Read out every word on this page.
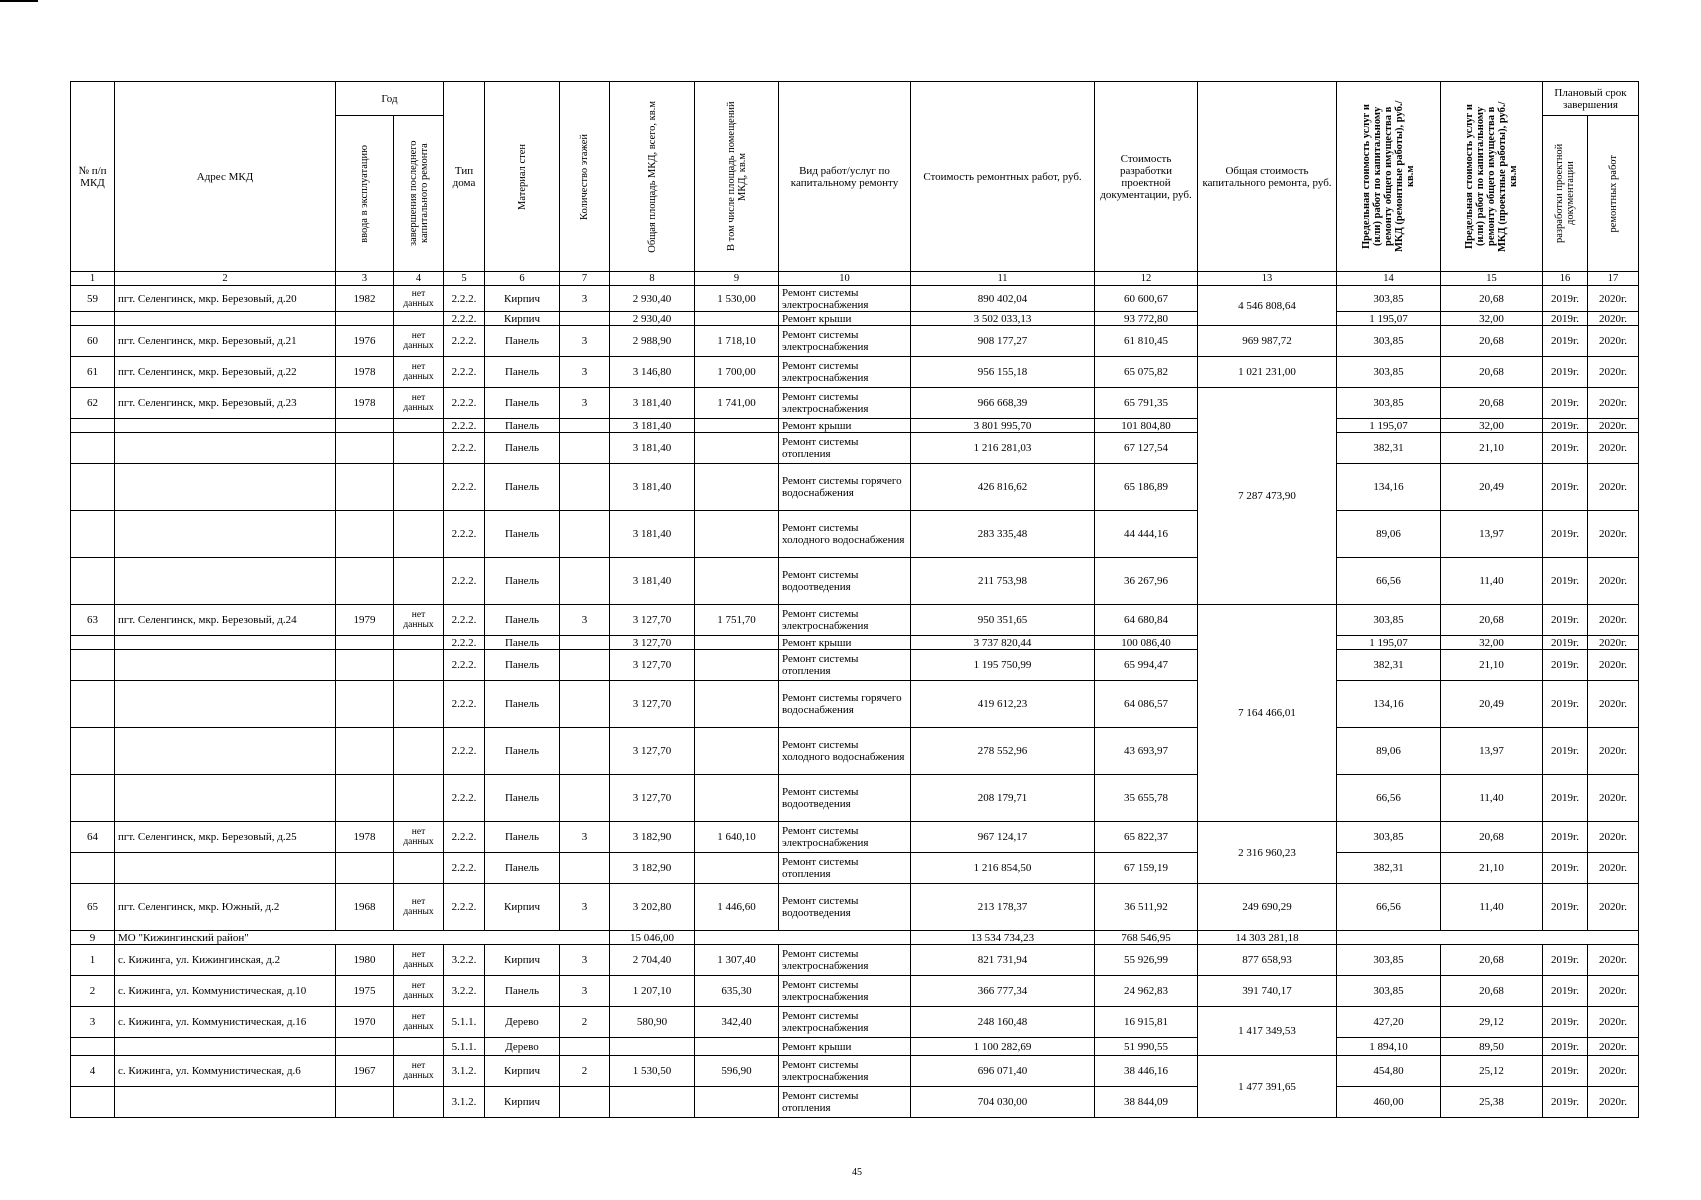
№ п/п МКД	Адрес МКД	Год		Тип дома	Материал стен	Количество этажей	Общая площадь МКД, всего, кв.м	В том числе площадь помещений МКД, кв.м	Вид работ/услуг по капитальному ремонту	Стоимость ремонтных работ, руб.	Стоимость разработки проектной документации, руб.	Общая стоимость капитального ремонта, руб.	Предельная стоимость услуг и (или) работ по капитальному ремонту общего имущества в МКД (ремонтные работы), руб./кв.м	Предельная стоимость услуг и (или) работ по капитальному ремонту общего имущества в МКД (проектные работы), руб./кв.м	Плановый срок завершения	

		ввода в эксплуатацию	завершения последнего капитального ремонта												разработки проектной документации	ремонтных работ

1	2	3	4	5	6	7	8	9	10	11	12	13	14	15	16	17
59	пгт. Селенгинск, мкр. Березовый, д.20	1982	нет данных	2.2.2.	Кирпич	3	2 930,40	1 530,00	Ремонт системы электроснабжения	890 402,04	60 600,67	4 546 808,64	303,85	20,68	2019г.	2020г.
				2.2.2.	Кирпич		2 930,40		Ремонт крыши	3 502 033,13	93 772,80		1 195,07	32,00	2019г.	2020г.
60	пгт. Селенгинск, мкр. Березовый, д.21	1976	нет данных	2.2.2.	Панель	3	2 988,90	1 718,10	Ремонт системы электроснабжения	908 177,27	61 810,45	969 987,72	303,85	20,68	2019г.	2020г.
61	пгт. Селенгинск, мкр. Березовый, д.22	1978	нет данных	2.2.2.	Панель	3	3 146,80	1 700,00	Ремонт системы электроснабжения	956 155,18	65 075,82	1 021 231,00	303,85	20,68	2019г.	2020г.
62	пгт. Селенгинск, мкр. Березовый, д.23	1978	нет данных	2.2.2.	Панель	3	3 181,40	1 741,00	Ремонт системы электроснабжения	966 668,39	65 791,35	7 287 473,90	303,85	20,68	2019г.	2020г.
				2.2.2.	Панель		3 181,40		Ремонт крыши	3 801 995,70	101 804,80		1 195,07	32,00	2019г.	2020г.
				2.2.2.	Панель		3 181,40		Ремонт системы отопления	1 216 281,03	67 127,54		382,31	21,10	2019г.	2020г.
				2.2.2.	Панель		3 181,40		Ремонт системы горячего водоснабжения	426 816,62	65 186,89		134,16	20,49	2019г.	2020г.
				2.2.2.	Панель		3 181,40		Ремонт системы холодного водоснабжения	283 335,48	44 444,16		89,06	13,97	2019г.	2020г.
				2.2.2.	Панель		3 181,40		Ремонт системы водоотведения	211 753,98	36 267,96		66,56	11,40	2019г.	2020г.
63	пгт. Селенгинск, мкр. Березовый, д.24	1979	нет данных	2.2.2.	Панель	3	3 127,70	1 751,70	Ремонт системы электроснабжения	950 351,65	64 680,84	7 164 466,01	303,85	20,68	2019г.	2020г.
				2.2.2.	Панель		3 127,70		Ремонт крыши	3 737 820,44	100 086,40		1 195,07	32,00	2019г.	2020г.
				2.2.2.	Панель		3 127,70		Ремонт системы отопления	1 195 750,99	65 994,47		382,31	21,10	2019г.	2020г.
				2.2.2.	Панель		3 127,70		Ремонт системы горячего водоснабжения	419 612,23	64 086,57		134,16	20,49	2019г.	2020г.
				2.2.2.	Панель		3 127,70		Ремонт системы холодного водоснабжения	278 552,96	43 693,97		89,06	13,97	2019г.	2020г.
				2.2.2.	Панель		3 127,70		Ремонт системы водоотведения	208 179,71	35 655,78		66,56	11,40	2019г.	2020г.
64	пгт. Селенгинск, мкр. Березовый, д.25	1978	нет данных	2.2.2.	Панель	3	3 182,90	1 640,10	Ремонт системы электроснабжения	967 124,17	65 822,37	2 316 960,23	303,85	20,68	2019г.	2020г.
				2.2.2.	Панель		3 182,90		Ремонт системы отопления	1 216 854,50	67 159,19		382,31	21,10	2019г.	2020г.
65	пгт. Селенгинск, мкр. Южный, д.2	1968	нет данных	2.2.2.	Кирпич	3	3 202,80	1 446,60	Ремонт системы водоотведения	213 178,37	36 511,92	249 690,29	66,56	11,40	2019г.	2020г.
9	МО "Кижингинский район"						15 046,00			13 534 734,23	768 546,95	14 303 281,18				
1	с. Кижинга, ул. Кижингинская, д.2	1980	нет данных	3.2.2.	Кирпич	3	2 704,40	1 307,40	Ремонт системы электроснабжения	821 731,94	55 926,99	877 658,93	303,85	20,68	2019г.	2020г.
2	с. Кижинга, ул. Коммунистическая, д.10	1975	нет данных	3.2.2.	Панель	3	1 207,10	635,30	Ремонт системы электроснабжения	366 777,34	24 962,83	391 740,17	303,85	20,68	2019г.	2020г.
3	с. Кижинга, ул. Коммунистическая, д.16	1970	нет данных	5.1.1.	Дерево	2	580,90	342,40	Ремонт системы электроснабжения	248 160,48	16 915,81	1 417 349,53	427,20	29,12	2019г.	2020г.
				5.1.1.	Дерево				Ремонт крыши	1 100 282,69	51 990,55		1 894,10	89,50	2019г.	2020г.
4	с. Кижинга, ул. Коммунистическая, д.6	1967	нет данных	3.1.2.	Кирпич	2	1 530,50	596,90	Ремонт системы электроснабжения	696 071,40	38 446,16	1 477 391,65	454,80	25,12	2019г.	2020г.
				3.1.2.	Кирпич				Ремонт системы отопления	704 030,00	38 844,09		460,00	25,38	2019г.	2020г.
45
